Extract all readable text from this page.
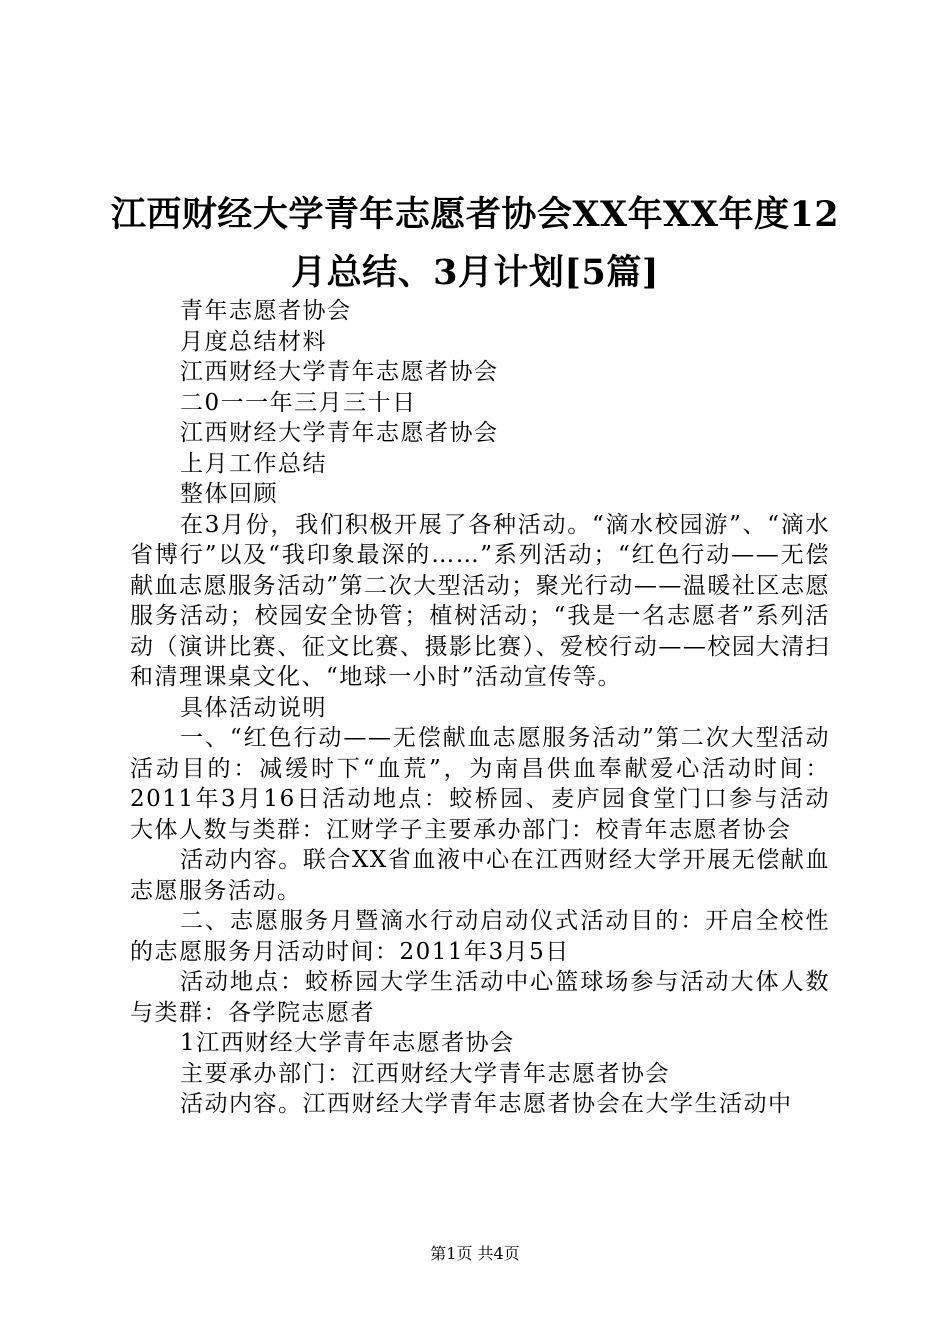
江西财经大学青年志愿者协会XX年XX年度12月总结、3月计划[5篇]

青年志愿者协会

月度总结材料

江西财经大学青年志愿者协会

二0一一年三月三十日

江西财经大学青年志愿者协会

上月工作总结

整体回顾

在3月份，我们积极开展了各种活动。“滴水校园游”、“滴水省博行”以及“我印象最深的……”系列活动；“红色行动——无偿献血志愿服务活动”第二次大型活动；聚光行动——温暖社区志愿服务活动；校园安全协管；植树活动；“我是一名志愿者”系列活动（演讲比赛、征文比赛、摄影比赛）、爱校行动——校园大清扫和清理课桌文化、“地球一小时”活动宣传等。

具体活动说明

一、“红色行动——无偿献血志愿服务活动”第二次大型活动活动目的：减缓时下“血荒”，为南昌供血奉献爱心活动时间：2011年3月16日活动地点：蛟桥园、麦庐园食堂门口参与活动大体人数与类群：江财学子主要承办部门：校青年志愿者协会

活动内容。联合XX省血液中心在江西财经大学开展无偿献血志愿服务活动。

二、志愿服务月暨滴水行动启动仪式活动目的：开启全校性的志愿服务月活动时间：2011年3月5日

活动地点：蛟桥园大学生活动中心篮球场参与活动大体人数与类群：各学院志愿者

1江西财经大学青年志愿者协会

主要承办部门：江西财经大学青年志愿者协会

活动内容。江西财经大学青年志愿者协会在大学生活动中

第1页 共4页
